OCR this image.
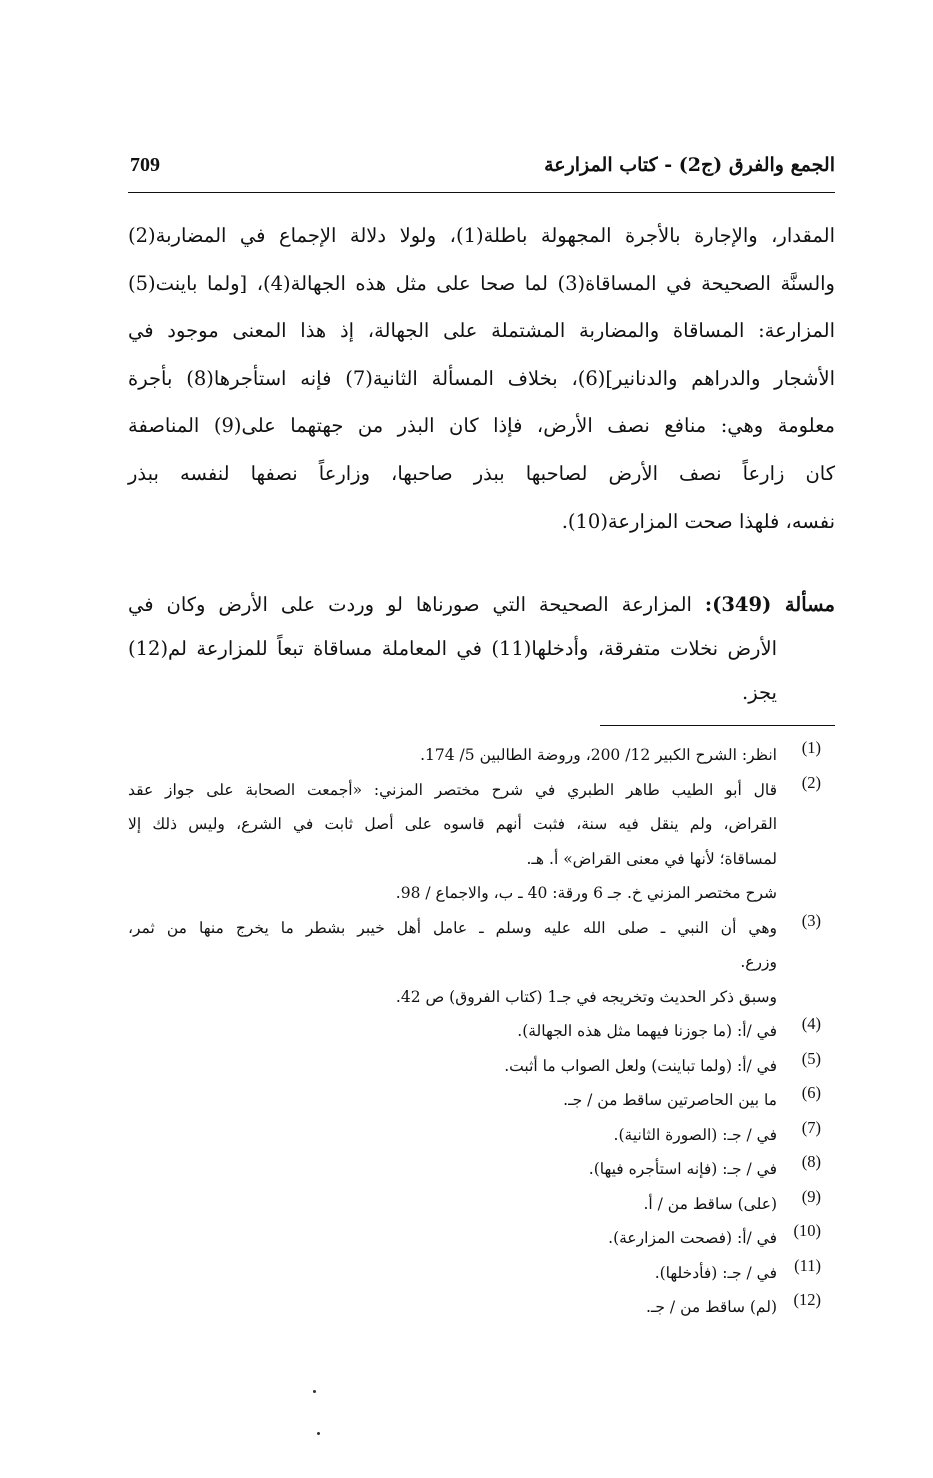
الجمع والفرق (ج2) - كتاب المزارعة
709
المقدار، والإجارة بالأجرة المجهولة باطلة(1)، ولولا دلالة الإجماع في المضاربة(2)
والسنَّة الصحيحة في المساقاة(3) لما صحا على مثل هذه الجهالة(4)، [ولما باينت(5)
المزارعة: المساقاة والمضاربة المشتملة على الجهالة، إذ هذا المعنى موجود في
الأشجار والدراهم والدنانير](6)، بخلاف المسألة الثانية(7) فإنه استأجرها(8) بأجرة
معلومة وهي: منافع نصف الأرض، فإذا كان البذر من جهتهما على(9) المناصفة
كان زارعاً نصف الأرض لصاحبها ببذر صاحبها، وزارعاً نصفها لنفسه ببذر
نفسه، فلهذا صحت المزارعة(10).
مسألة (349): المزارعة الصحيحة التي صورناها لو وردت على الأرض وكان في
الأرض نخلات متفرقة، وأدخلها(11) في المعاملة مساقاة تبعاً للمزارعة لم(12)
يجز.
(1)
انظر: الشرح الكبير 12/ 200، وروضة الطالبين 5/ 174.
(2)
قال أبو الطيب طاهر الطبري في شرح مختصر المزني: «أجمعت الصحابة على جواز عقد
القراض، ولم ينقل فيه سنة، فثبت أنهم قاسوه على أصل ثابت في الشرع، وليس ذلك إلا
لمساقاة؛ لأنها في معنى القراض» أ. هـ.
شرح مختصر المزني خ. جـ 6 ورقة: 40 ـ ب، والاجماع / 98.
(3)
وهي أن النبي ـ صلى الله عليه وسلم ـ عامل أهل خيبر بشطر ما يخرج منها من ثمر،
وزرع.
وسبق ذكر الحديث وتخريجه في جـ1 (كتاب الفروق) ص 42.
(4)
في /أ: (ما جوزنا فيهما مثل هذه الجهالة).
(5)
في /أ: (ولما تباينت) ولعل الصواب ما أثبت.
(6)
ما بين الحاصرتين ساقط من / جـ.
(7)
في / جـ: (الصورة الثانية).
(8)
في / جـ: (فإنه استأجره فيها).
(9)
(على) ساقط من / أ.
(10)
في /أ: (فصحت المزارعة).
(11)
في / جـ: (فأدخلها).
(12)
(لم) ساقط من / جـ.
